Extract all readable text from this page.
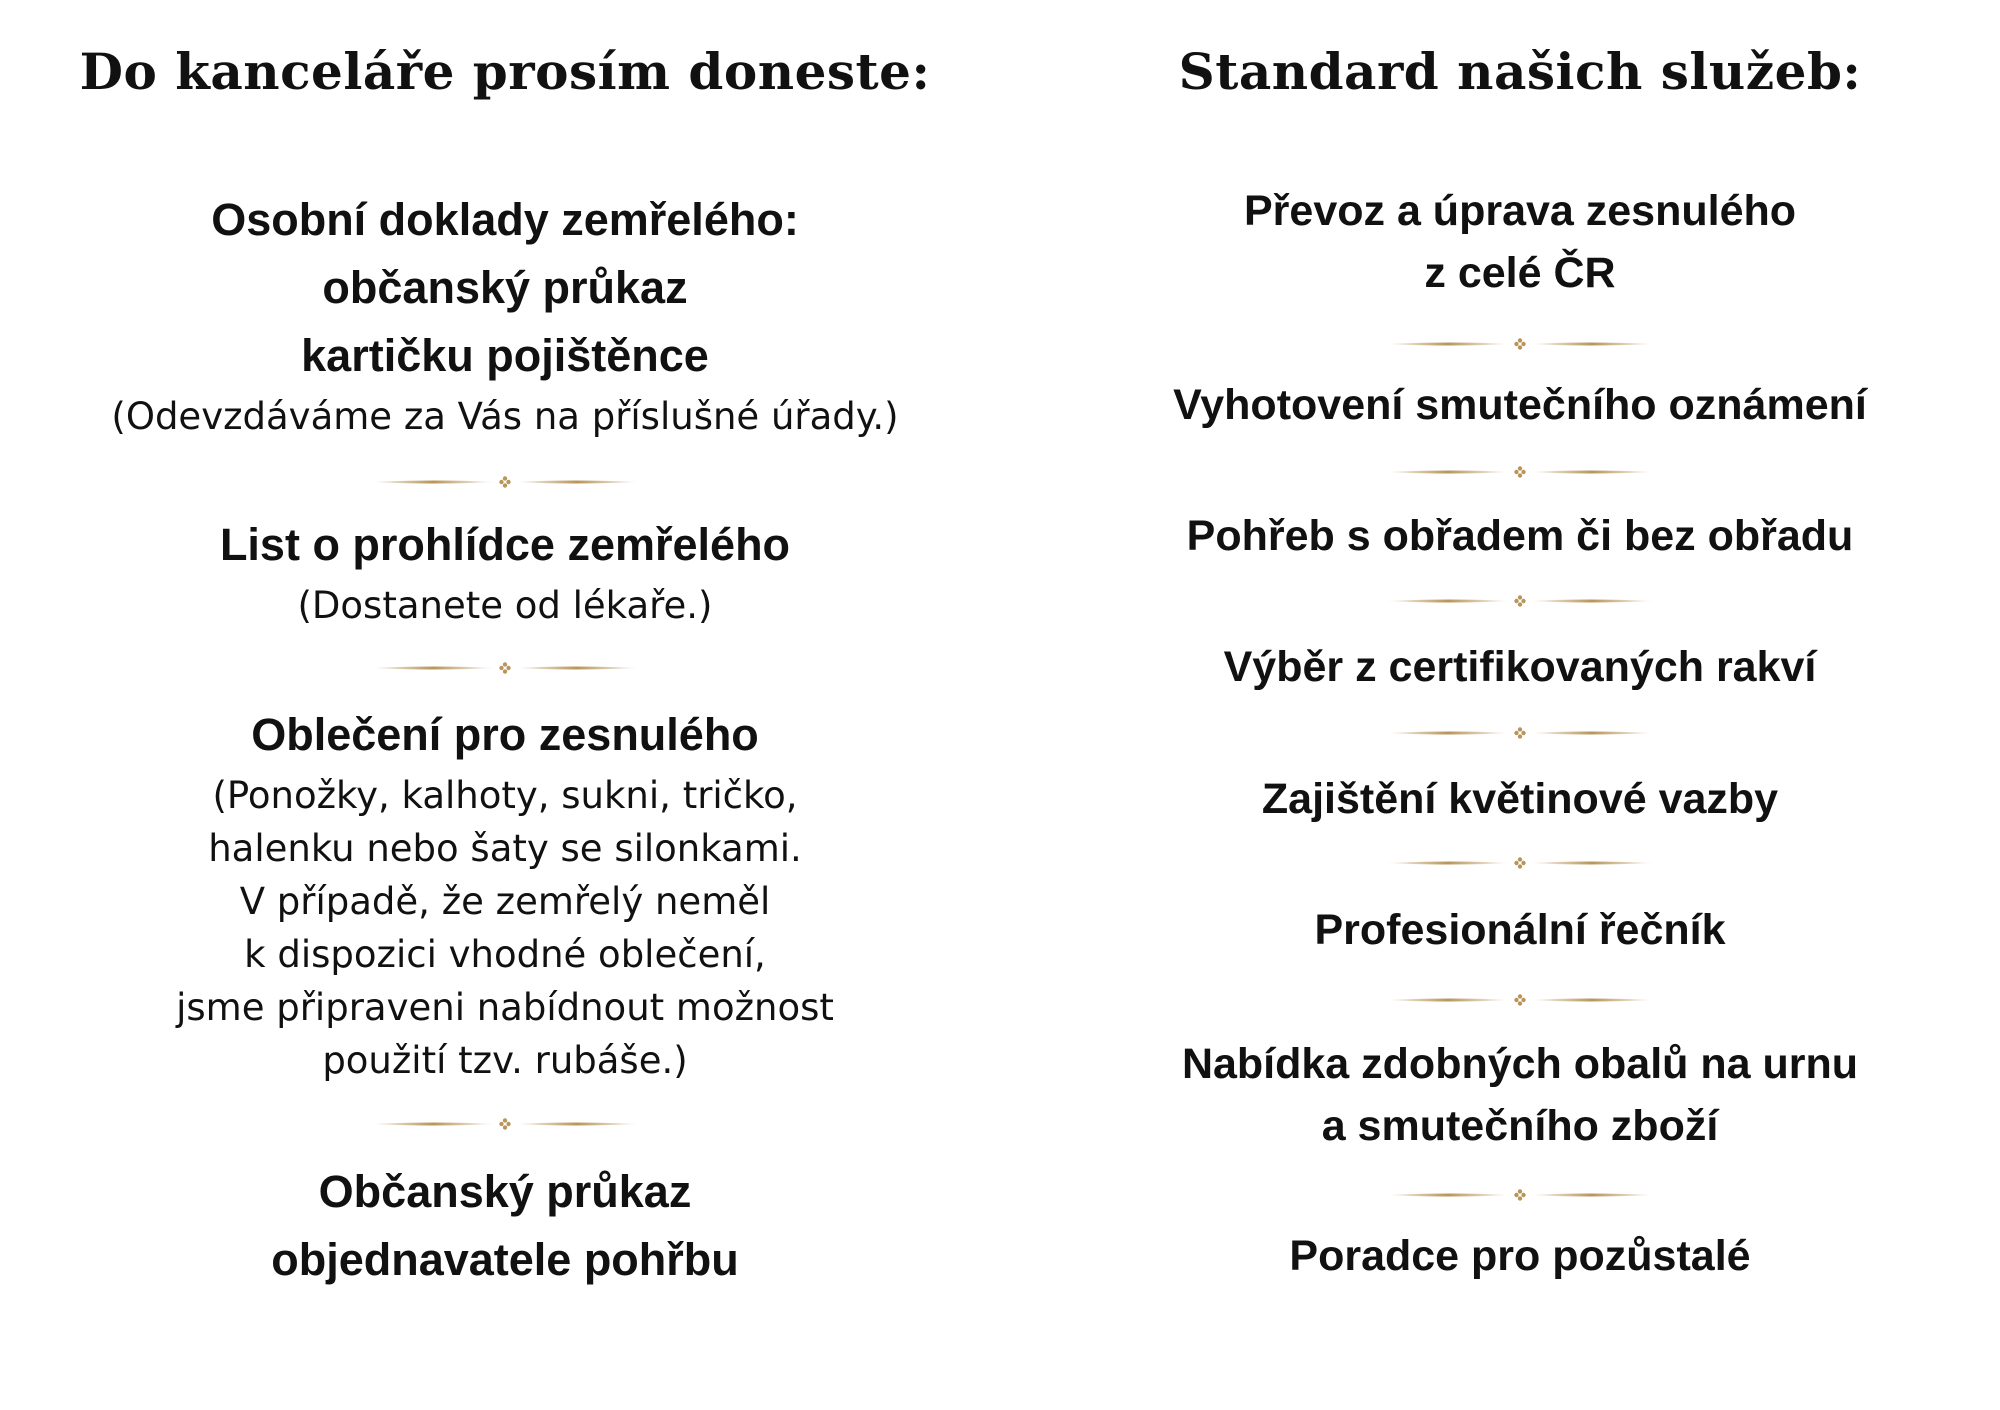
Do kanceláře prosím doneste:

Osobní doklady zemřelého:
občanský průkaz
kartičku pojištěnce

(Odevzdáváme za Vás na příslušné úřady.)

List o prohlídce zemřelého

(Dostanete od lékaře.)

Oblečení pro zesnulého

(Ponožky, kalhoty, sukni, tričko,
halenku nebo šaty se silonkami.
V případě, že zemřelý neměl
k dispozici vhodné oblečení,
jsme připraveni nabídnout možnost
použití tzv. rubáše.)

Občanský průkaz
objednavatele pohřbu

Standard našich služeb:

Převoz a úprava zesnulého
z celé ČR

Vyhotovení smutečního oznámení

Pohřeb s obřadem či bez obřadu

Výběr z certifikovaných rakví

Zajištění květinové vazby

Profesionální řečník

Nabídka zdobných obalů na urnu
a smutečního zboží

Poradce pro pozůstalé
